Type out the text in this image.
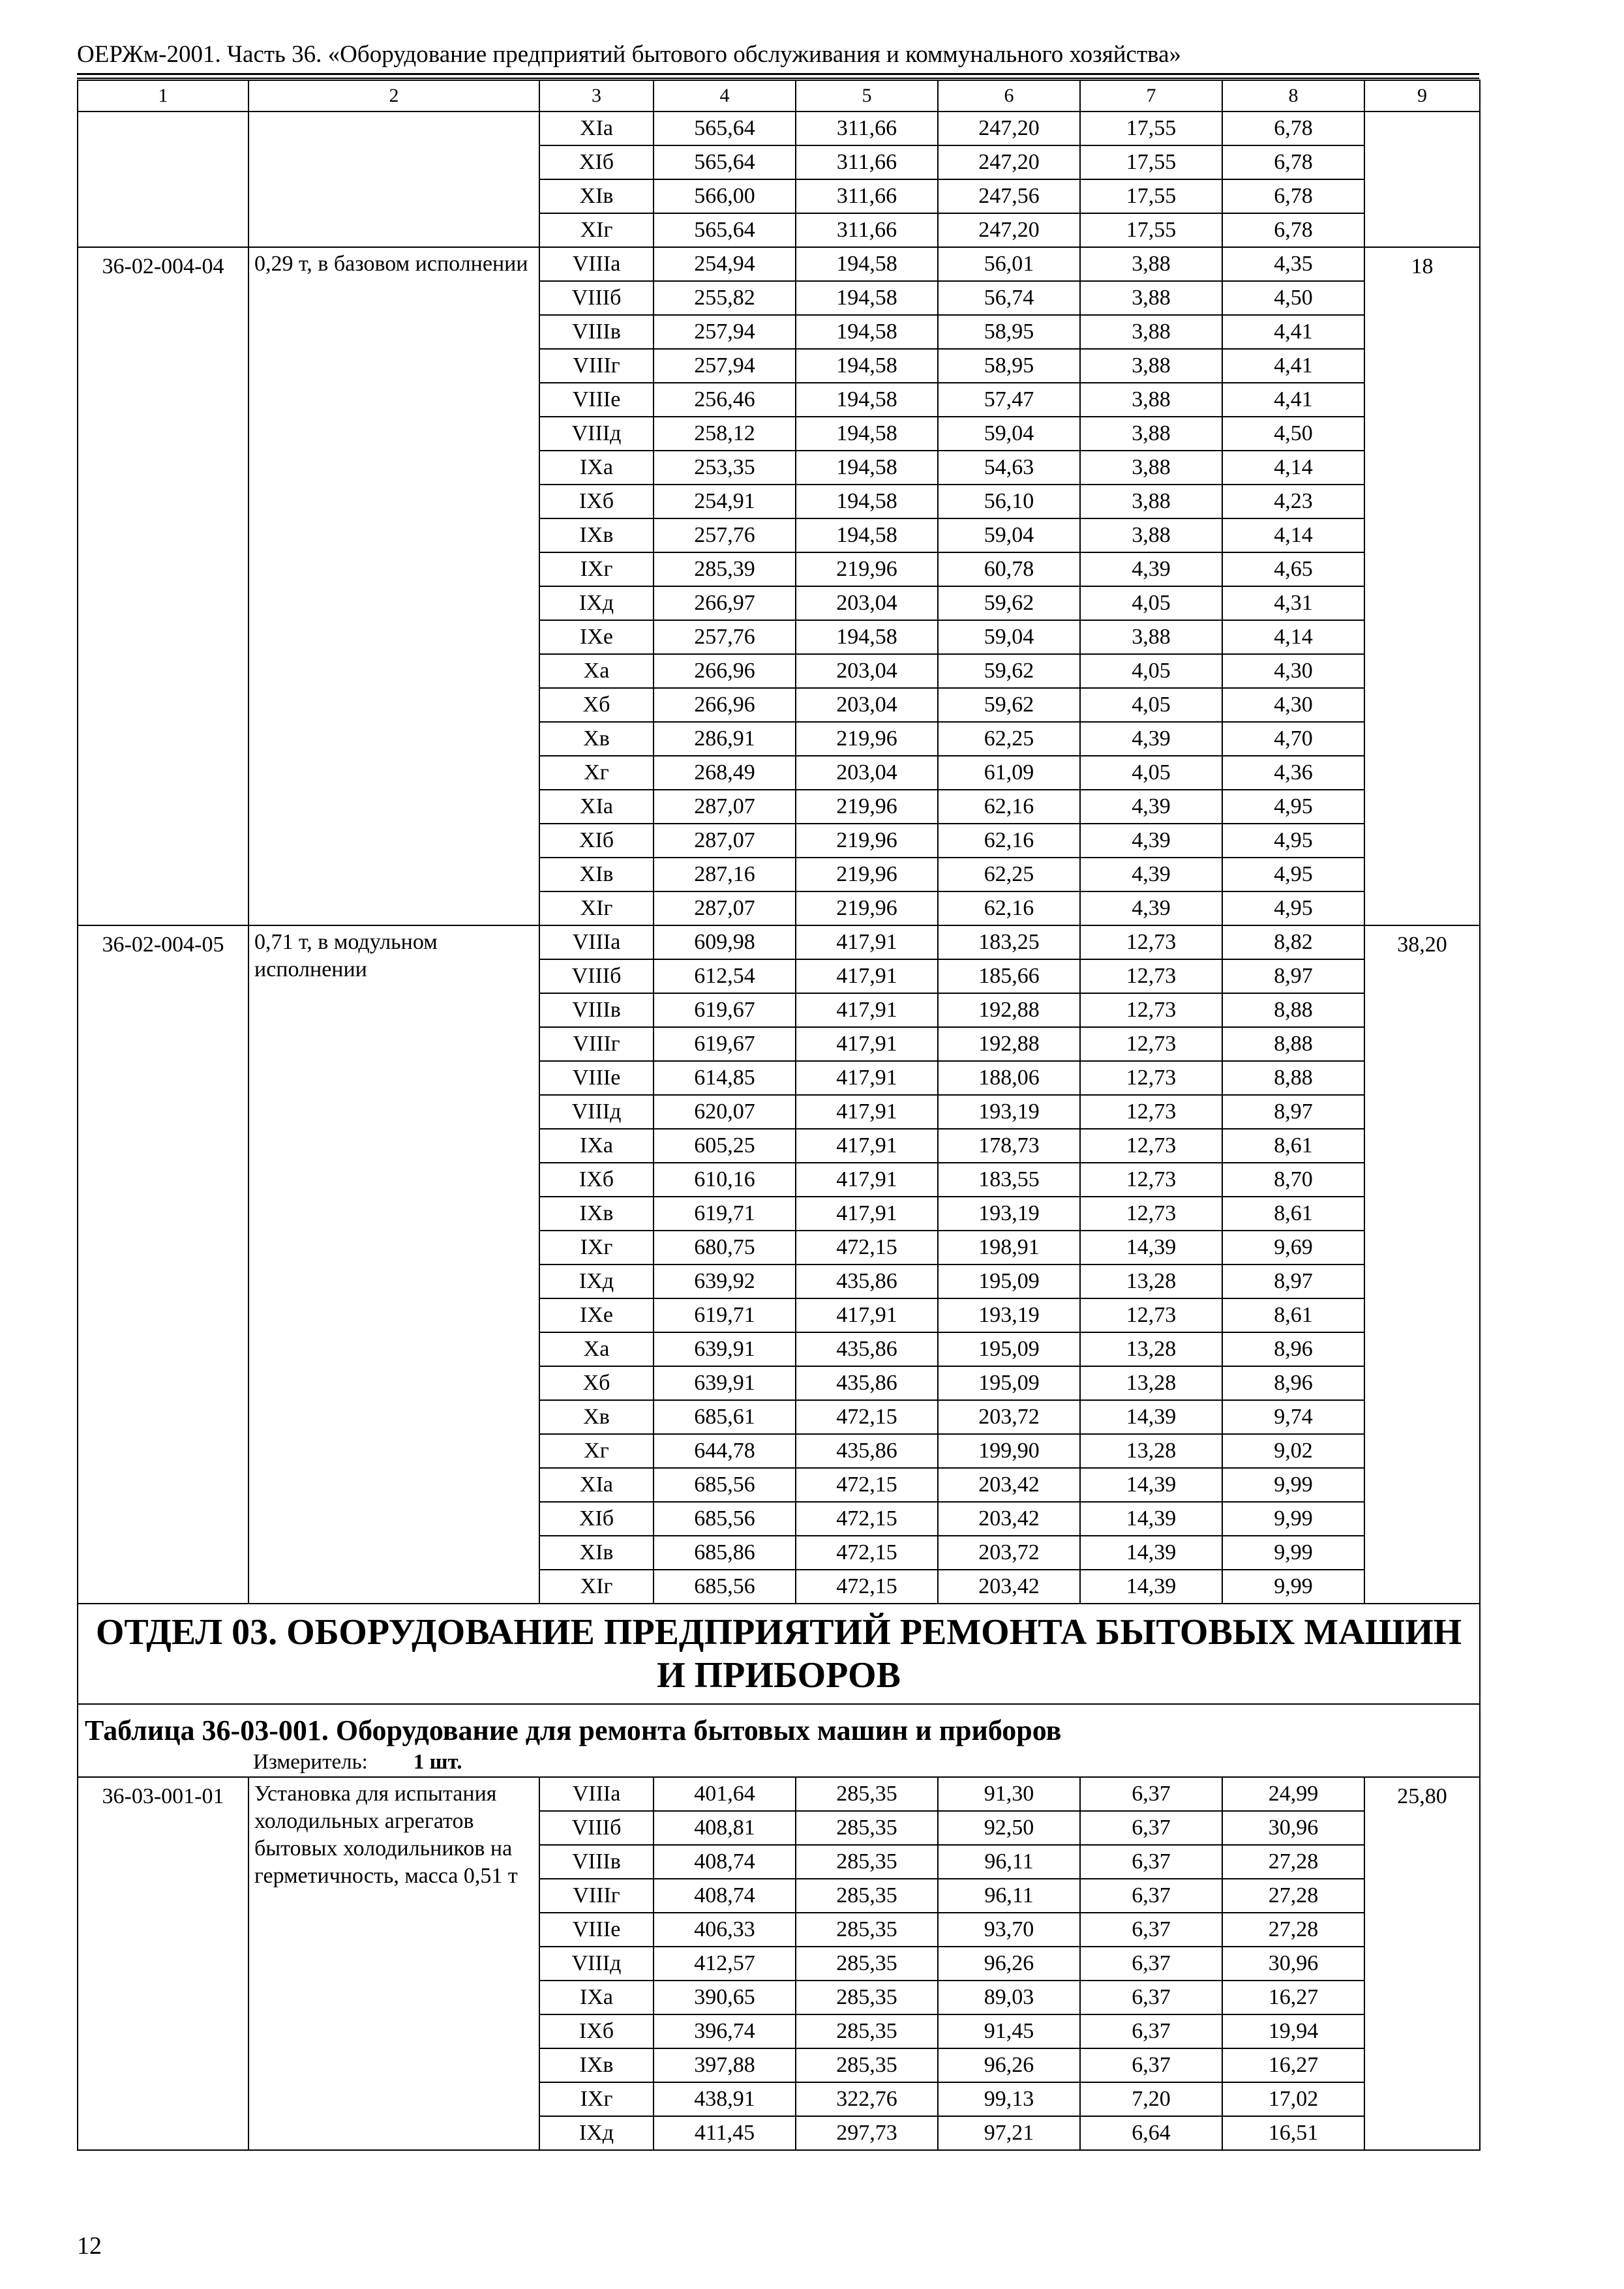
ОЕРЖм-2001. Часть 36. «Оборудование предприятий бытового обслуживания и коммунального хозяйства»
1	2	3	4	5	6	7	8	9
		XIа	565,64	311,66	247,20	17,55	6,78	
		XIб	565,64	311,66	247,20	17,55	6,78	
		XIв	566,00	311,66	247,56	17,55	6,78	
		XIг	565,64	311,66	247,20	17,55	6,78	
36-02-004-04	0,29 т, в базовом исполнении	VIIIа	254,94	194,58	56,01	3,88	4,35	18
		VIIIб	255,82	194,58	56,74	3,88	4,50	
		VIIIв	257,94	194,58	58,95	3,88	4,41	
		VIIIг	257,94	194,58	58,95	3,88	4,41	
		VIIIе	256,46	194,58	57,47	3,88	4,41	
		VIIIд	258,12	194,58	59,04	3,88	4,50	
		IXа	253,35	194,58	54,63	3,88	4,14	
		IXб	254,91	194,58	56,10	3,88	4,23	
		IXв	257,76	194,58	59,04	3,88	4,14	
		IXг	285,39	219,96	60,78	4,39	4,65	
		IXд	266,97	203,04	59,62	4,05	4,31	
		IXе	257,76	194,58	59,04	3,88	4,14	
		Xа	266,96	203,04	59,62	4,05	4,30	
		Xб	266,96	203,04	59,62	4,05	4,30	
		Xв	286,91	219,96	62,25	4,39	4,70	
		Xг	268,49	203,04	61,09	4,05	4,36	
		XIа	287,07	219,96	62,16	4,39	4,95	
		XIб	287,07	219,96	62,16	4,39	4,95	
		XIв	287,16	219,96	62,25	4,39	4,95	
		XIг	287,07	219,96	62,16	4,39	4,95	
36-02-004-05	0,71 т, в модульном исполнении	VIIIа	609,98	417,91	183,25	12,73	8,82	38,20
		VIIIб	612,54	417,91	185,66	12,73	8,97	
		VIIIв	619,67	417,91	192,88	12,73	8,88	
		VIIIг	619,67	417,91	192,88	12,73	8,88	
		VIIIе	614,85	417,91	188,06	12,73	8,88	
		VIIIд	620,07	417,91	193,19	12,73	8,97	
		IXа	605,25	417,91	178,73	12,73	8,61	
		IXб	610,16	417,91	183,55	12,73	8,70	
		IXв	619,71	417,91	193,19	12,73	8,61	
		IXг	680,75	472,15	198,91	14,39	9,69	
		IXд	639,92	435,86	195,09	13,28	8,97	
		IXе	619,71	417,91	193,19	12,73	8,61	
		Xа	639,91	435,86	195,09	13,28	8,96	
		Xб	639,91	435,86	195,09	13,28	8,96	
		Xв	685,61	472,15	203,72	14,39	9,74	
		Xг	644,78	435,86	199,90	13,28	9,02	
		XIа	685,56	472,15	203,42	14,39	9,99	
		XIб	685,56	472,15	203,42	14,39	9,99	
		XIв	685,86	472,15	203,72	14,39	9,99	
		XIг	685,56	472,15	203,42	14,39	9,99	
ОТДЕЛ 03. ОБОРУДОВАНИЕ ПРЕДПРИЯТИЙ РЕМОНТА БЫТОВЫХ МАШИН И ПРИБОРОВ								
Таблица 36-03-001. Оборудование для ремонта бытовых машин и приборов								
Измеритель: 1 шт.								
36-03-001-01	Установка для испытания холодильных агрегатов бытовых холодильников на герметичность, масса 0,51 т	VIIIа	401,64	285,35	91,30	6,37	24,99	25,80
		VIIIб	408,81	285,35	92,50	6,37	30,96	
		VIIIв	408,74	285,35	96,11	6,37	27,28	
		VIIIг	408,74	285,35	96,11	6,37	27,28	
		VIIIе	406,33	285,35	93,70	6,37	27,28	
		VIIIд	412,57	285,35	96,26	6,37	30,96	
		IXа	390,65	285,35	89,03	6,37	16,27	
		IXб	396,74	285,35	91,45	6,37	19,94	
		IXв	397,88	285,35	96,26	6,37	16,27	
		IXг	438,91	322,76	99,13	7,20	17,02	
		IXд	411,45	297,73	97,21	6,64	16,51	
12
